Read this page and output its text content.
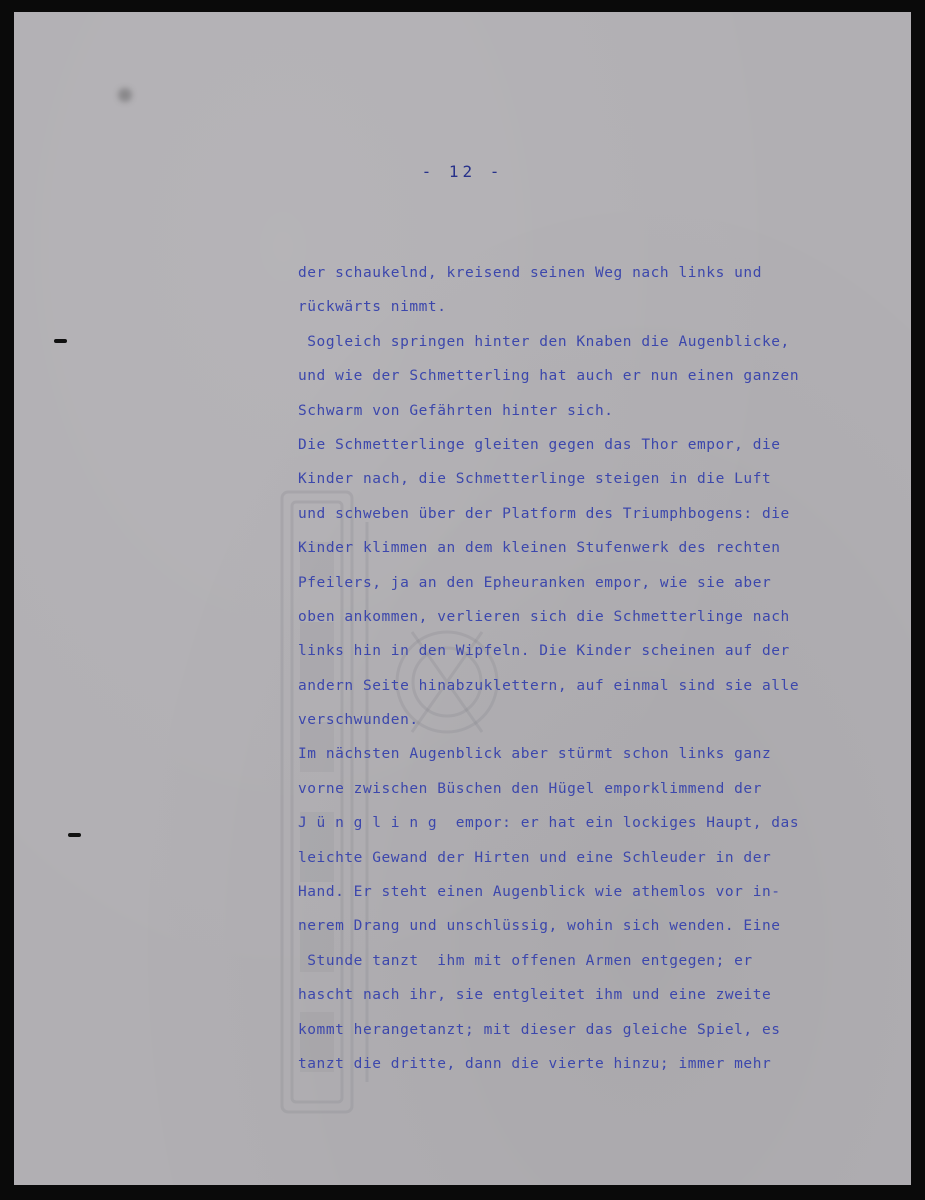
- 12 -
der schaukelnd, kreisend seinen Weg nach links und
rückwärts nimmt.
Sogleich springen hinter den Knaben die Augenblicke,
und wie der Schmetterling hat auch er nun einen ganzen
Schwarm von Gefährten hinter sich.
Die Schmetterlinge gleiten gegen das Thor empor, die
Kinder nach, die Schmetterlinge steigen in die Luft
und schweben über der Platform des Triumphbogens: die
Kinder klimmen an dem kleinen Stufenwerk des rechten
Pfeilers, ja an den Epheuranken empor, wie sie aber
oben ankommen, verlieren sich die Schmetterlinge nach
links hin in den Wipfeln. Die Kinder scheinen auf der
andern Seite hinabzuklettern, auf einmal sind sie alle
verschwunden.
Im nächsten Augenblick aber stürmt schon links ganz
vorne zwischen Büschen den Hügel emporklimmend der
J ü n g l i n g  empor: er hat ein lockiges Haupt, das
leichte Gewand der Hirten und eine Schleuder in der
Hand. Er steht einen Augenblick wie athemlos vor in-
nerem Drang und unschlüssig, wohin sich wenden. Eine
Stunde tanzt  ihm mit offenen Armen entgegen; er
hascht nach ihr, sie entgleitet ihm und eine zweite
kommt herangetanzt; mit dieser das gleiche Spiel, es
tanzt die dritte, dann die vierte hinzu; immer mehr
